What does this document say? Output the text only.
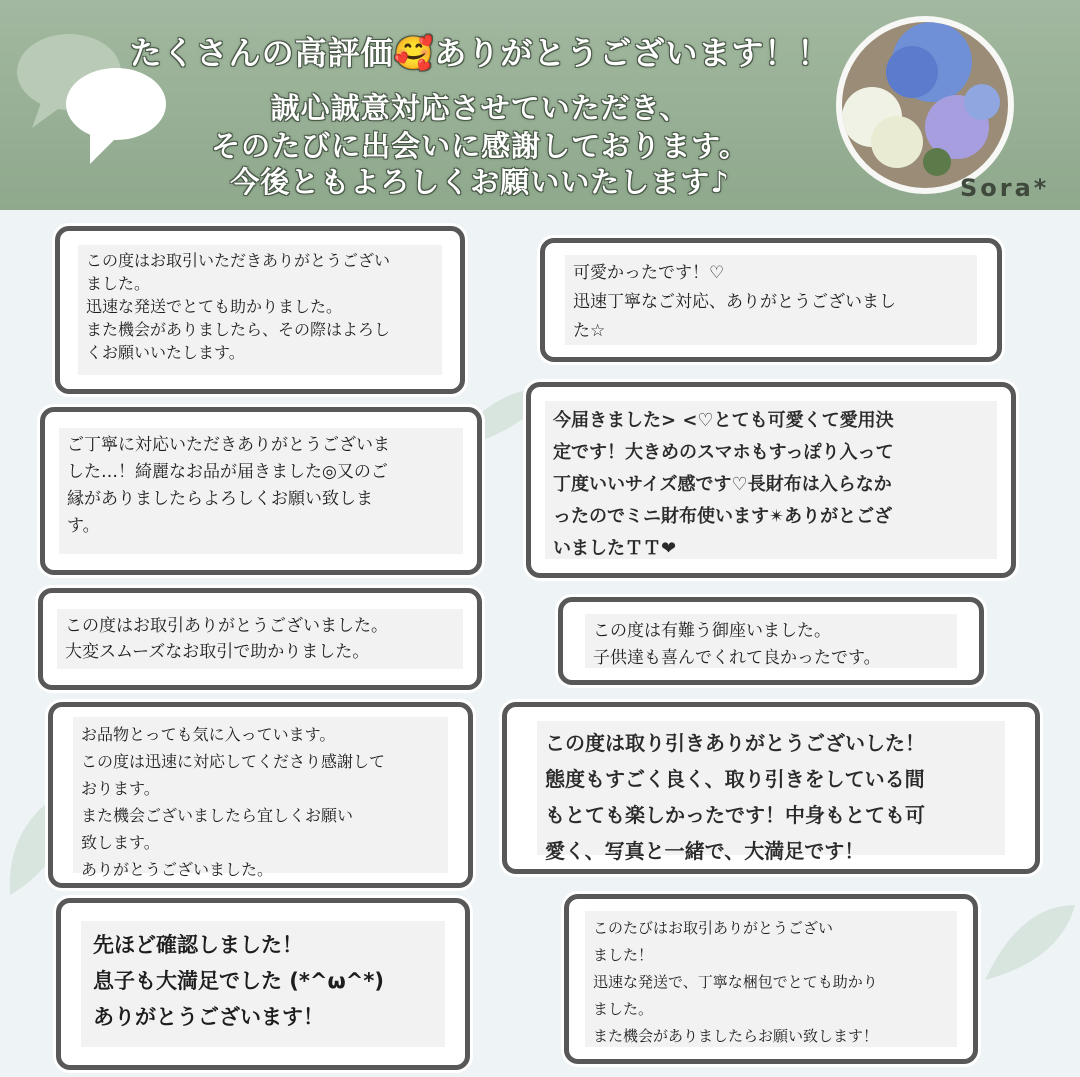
たくさんの高評価🥰ありがとうございます！！
誠心誠意対応させていただき、
そのたびに出会いに感謝しております。
今後ともよろしくお願いいたします♪	Sora*
この度はお取引いただきありがとうござい
ました。
迅速な発送でとても助かりました。
また機会がありましたら、その際はよろし
くお願いいたします。
ご丁寧に対応いただきありがとうございま
した…！綺麗なお品が届きました◎又のご
縁がありましたらよろしくお願い致しま
す。
この度はお取引ありがとうございました。
大変スムーズなお取引で助かりました。
お品物とっても気に入っています。
この度は迅速に対応してくださり感謝して
おります。
また機会ございましたら宜しくお願い
致します。
ありがとうございました。
先ほど確認しました！
息子も大満足でした (*^ω^*)
ありがとうございます！
可愛かったです！♡
迅速丁寧なご対応、ありがとうございまし
た☆
今届きました> <♡とても可愛くて愛用決
定です！大きめのスマホもすっぽり入って
丁度いいサイズ感です♡長財布は入らなか
ったのでミニ財布使います✴︎ありがとござ
いましたＴＴ❤
この度は有難う御座いました。
子供達も喜んでくれて良かったです。
この度は取り引きありがとうございした！
態度もすごく良く、取り引きをしている間
もとても楽しかったです！中身もとても可
愛く、写真と一緒で、大満足です！
このたびはお取引ありがとうござい
ました！
迅速な発送で、丁寧な梱包でとても助かり
ました。
また機会がありましたらお願い致します！
